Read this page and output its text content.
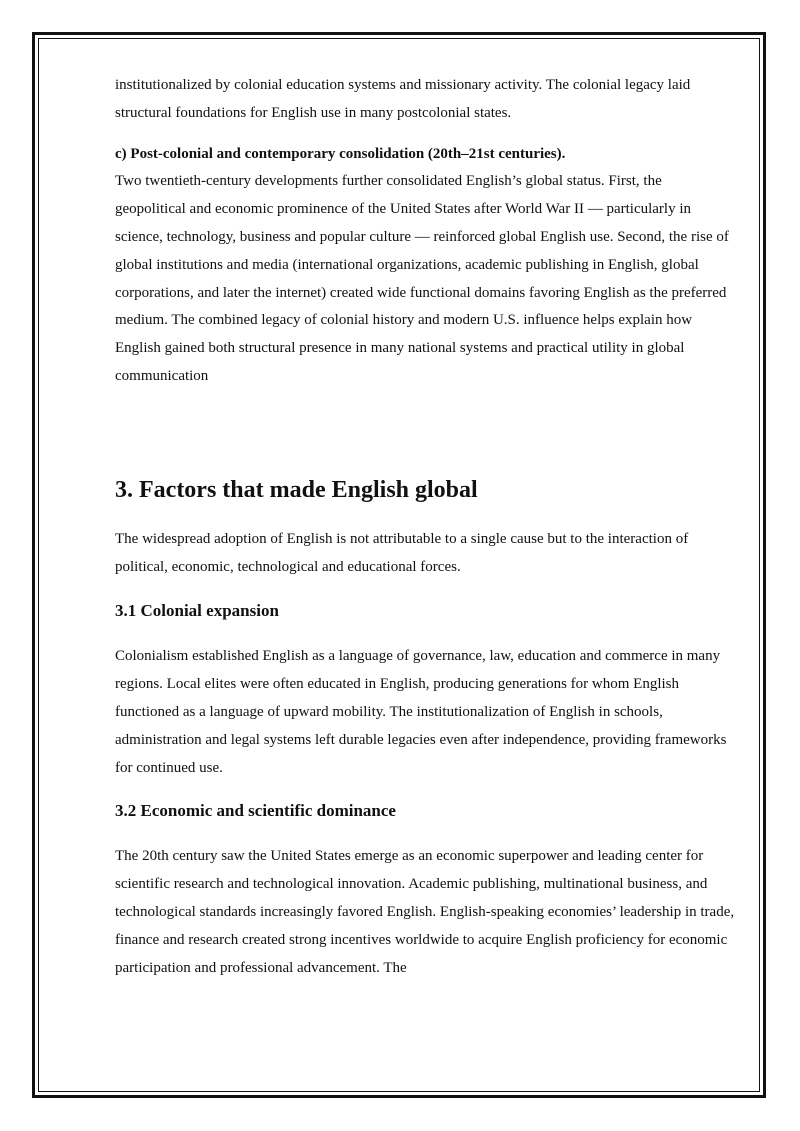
institutionalized by colonial education systems and missionary activity. The colonial legacy laid structural foundations for English use in many postcolonial states.

c) Post-colonial and contemporary consolidation (20th–21st centuries).

Two twentieth-century developments further consolidated English’s global status. First, the geopolitical and economic prominence of the United States after World War II — particularly in science, technology, business and popular culture — reinforced global English use. Second, the rise of global institutions and media (international organizations, academic publishing in English, global corporations, and later the internet) created wide functional domains favoring English as the preferred medium. The combined legacy of colonial history and modern U.S. influence helps explain how English gained both structural presence in many national systems and practical utility in global communication

3. Factors that made English global

The widespread adoption of English is not attributable to a single cause but to the interaction of political, economic, technological and educational forces.

3.1 Colonial expansion

Colonialism established English as a language of governance, law, education and commerce in many regions. Local elites were often educated in English, producing generations for whom English functioned as a language of upward mobility. The institutionalization of English in schools, administration and legal systems left durable legacies even after independence, providing frameworks for continued use.

3.2 Economic and scientific dominance

The 20th century saw the United States emerge as an economic superpower and leading center for scientific research and technological innovation. Academic publishing, multinational business, and technological standards increasingly favored English. English-speaking economies’ leadership in trade, finance and research created strong incentives worldwide to acquire English proficiency for economic participation and professional advancement. The
